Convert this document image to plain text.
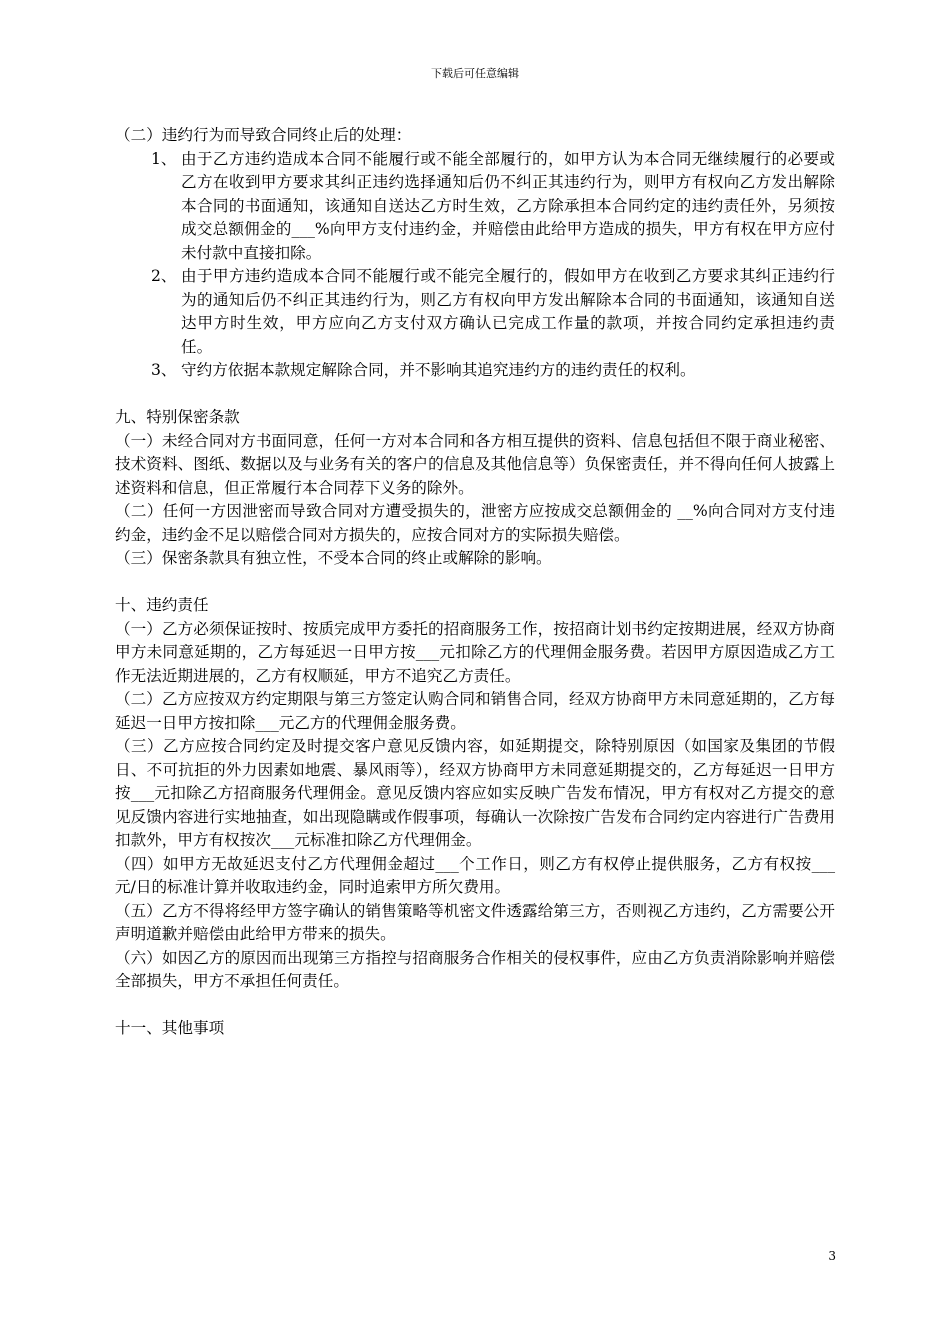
下载后可任意编辑

（二）违约行为而导致合同终止后的处理：

1、 由于乙方违约造成本合同不能履行或不能全部履行的，如甲方认为本合同无继续履行的必要或乙方在收到甲方要求其纠正违约选择通知后仍不纠正其违约行为，则甲方有权向乙方发出解除本合同的书面通知，该通知自送达乙方时生效，乙方除承担本合同约定的违约责任外，另须按成交总额佣金的___%向甲方支付违约金，并赔偿由此给甲方造成的损失，甲方有权在甲方应付未付款中直接扣除。
2、 由于甲方违约造成本合同不能履行或不能完全履行的，假如甲方在收到乙方要求其纠正违约行为的通知后仍不纠正其违约行为，则乙方有权向甲方发出解除本合同的书面通知，该通知自送达甲方时生效，甲方应向乙方支付双方确认已完成工作量的款项，并按合同约定承担违约责任。
3、 守约方依据本款规定解除合同，并不影响其追究违约方的违约责任的权利。

九、特别保密条款

（一）未经合同对方书面同意，任何一方对本合同和各方相互提供的资料、信息包括但不限于商业秘密、技术资料、图纸、数据以及与业务有关的客户的信息及其他信息等）负保密责任，并不得向任何人披露上述资料和信息，但正常履行本合同荐下义务的除外。

（二）任何一方因泄密而导致合同对方遭受损失的，泄密方应按成交总额佣金的 __%向合同对方支付违约金，违约金不足以赔偿合同对方损失的，应按合同对方的实际损失赔偿。

（三）保密条款具有独立性，不受本合同的终止或解除的影响。

十、违约责任

（一）乙方必须保证按时、按质完成甲方委托的招商服务工作，按招商计划书约定按期进展，经双方协商甲方未同意延期的，乙方每延迟一日甲方按___元扣除乙方的代理佣金服务费。若因甲方原因造成乙方工作无法近期进展的，乙方有权顺延，甲方不追究乙方责任。

（二）乙方应按双方约定期限与第三方签定认购合同和销售合同，经双方协商甲方未同意延期的，乙方每延迟一日甲方按扣除___元乙方的代理佣金服务费。

（三）乙方应按合同约定及时提交客户意见反馈内容，如延期提交，除特别原因（如国家及集团的节假日、不可抗拒的外力因素如地震、暴风雨等），经双方协商甲方未同意延期提交的，乙方每延迟一日甲方按___元扣除乙方招商服务代理佣金。意见反馈内容应如实反映广告发布情况，甲方有权对乙方提交的意见反馈内容进行实地抽查，如出现隐瞒或作假事项，每确认一次除按广告发布合同约定内容进行广告费用扣款外，甲方有权按次___元标准扣除乙方代理佣金。

（四）如甲方无故延迟支付乙方代理佣金超过___个工作日，则乙方有权停止提供服务，乙方有权按___元/日的标准计算并收取违约金，同时追索甲方所欠费用。

（五）乙方不得将经甲方签字确认的销售策略等机密文件透露给第三方，否则视乙方违约，乙方需要公开声明道歉并赔偿由此给甲方带来的损失。

（六）如因乙方的原因而出现第三方指控与招商服务合作相关的侵权事件，应由乙方负责消除影响并赔偿全部损失，甲方不承担任何责任。

十一、其他事项

3
